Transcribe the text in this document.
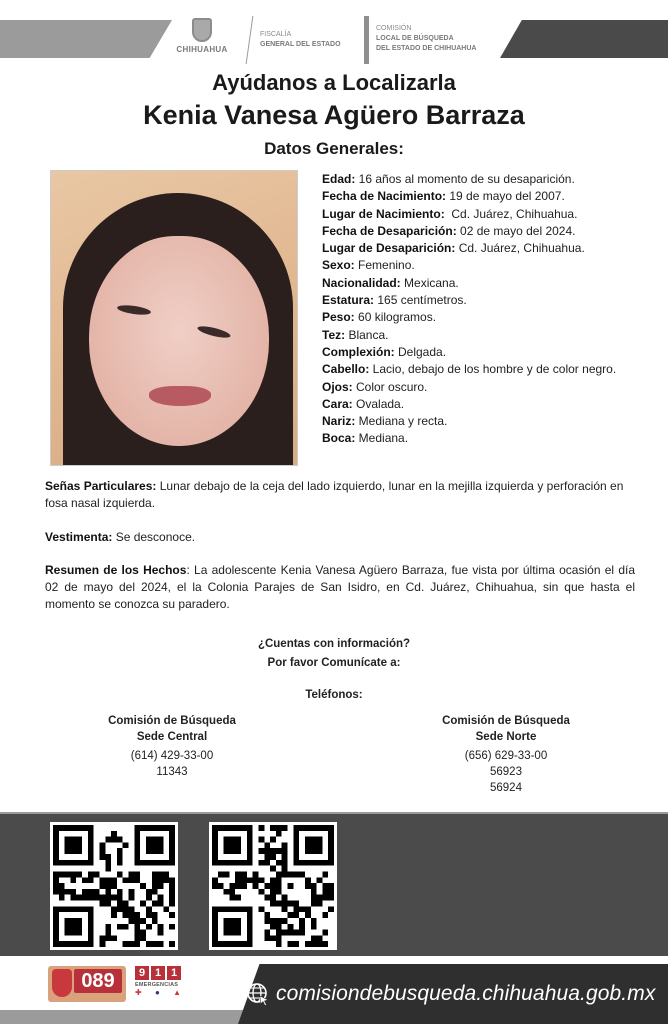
CHIHUAHUA
FISCALÍA
GENERAL DEL ESTADO
COMISIÓN
LOCAL DE BÚSQUEDA
DEL ESTADO DE CHIHUAHUA
Ayúdanos a Localizarla
Kenia Vanesa Agüero Barraza
Datos Generales:
Edad: 16 años al momento de su desaparición.
Fecha de Nacimiento: 19 de mayo del 2007.
Lugar de Nacimiento:  Cd. Juárez, Chihuahua.
Fecha de Desaparición: 02 de mayo del 2024.
Lugar de Desaparición: Cd. Juárez, Chihuahua.
Sexo: Femenino.
Nacionalidad: Mexicana.
Estatura: 165 centímetros.
Peso: 60 kilogramos.
Tez: Blanca.
Complexión: Delgada.
Cabello: Lacio, debajo de los hombre y de color negro.
Ojos: Color oscuro.
Cara: Ovalada.
Nariz: Mediana y recta.
Boca: Mediana.
Señas Particulares: Lunar debajo de la ceja del lado izquierdo, lunar en la mejilla izquierda y perforación en fosa nasal izquierda.
Vestimenta: Se desconoce.
Resumen de los Hechos: La adolescente Kenia Vanesa Agüero Barraza, fue vista por última ocasión el día 02 de mayo del 2024, el la Colonia Parajes de San Isidro, en Cd. Juárez, Chihuahua, sin que hasta el momento se conozca su paradero.
¿Cuentas con información?
Por favor Comunícate a:
Teléfonos:
Comisión de Búsqueda
Sede Central
(614) 429-33-00
11343
Comisión de Búsqueda
Sede Norte
(656) 629-33-00
56923
56924
089	9 1 1
EMERGENCIAS
✚ ● ▲	comisiondebusqueda.chihuahua.gob.mx
